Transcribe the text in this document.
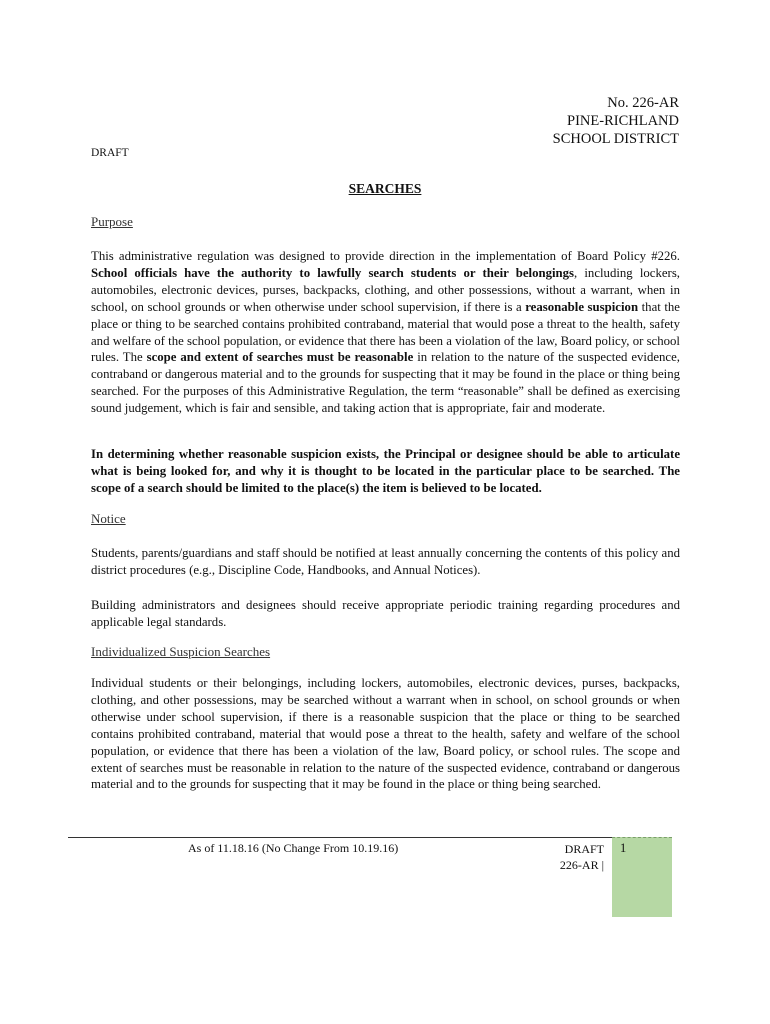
No. 226-AR
PINE-RICHLAND
SCHOOL DISTRICT
DRAFT
SEARCHES
Purpose
This administrative regulation was designed to provide direction in the implementation of Board Policy #226. School officials have the authority to lawfully search students or their belongings, including lockers, automobiles, electronic devices, purses, backpacks, clothing, and other possessions, without a warrant, when in school, on school grounds or when otherwise under school supervision, if there is a reasonable suspicion that the place or thing to be searched contains prohibited contraband, material that would pose a threat to the health, safety and welfare of the school population, or evidence that there has been a violation of the law, Board policy, or school rules. The scope and extent of searches must be reasonable in relation to the nature of the suspected evidence, contraband or dangerous material and to the grounds for suspecting that it may be found in the place or thing being searched. For the purposes of this Administrative Regulation, the term “reasonable” shall be defined as exercising sound judgement, which is fair and sensible, and taking action that is appropriate, fair and moderate.
In determining whether reasonable suspicion exists, the Principal or designee should be able to articulate what is being looked for, and why it is thought to be located in the particular place to be searched. The scope of a search should be limited to the place(s) the item is believed to be located.
Notice
Students, parents/guardians and staff should be notified at least annually concerning the contents of this policy and district procedures (e.g., Discipline Code, Handbooks, and Annual Notices).
Building administrators and designees should receive appropriate periodic training regarding procedures and applicable legal standards.
Individualized Suspicion Searches
Individual students or their belongings, including lockers, automobiles, electronic devices, purses, backpacks, clothing, and other possessions, may be searched without a warrant when in school, on school grounds or when otherwise under school supervision, if there is a reasonable suspicion that the place or thing to be searched contains prohibited contraband, material that would pose a threat to the health, safety and welfare of the school population, or evidence that there has been a violation of the law, Board policy, or school rules. The scope and extent of searches must be reasonable in relation to the nature of the suspected evidence, contraband or dangerous material and to the grounds for suspecting that it may be found in the place or thing being searched.
As of 11.18.16 (No Change From 10.19.16)	DRAFT
226-AR |
1
